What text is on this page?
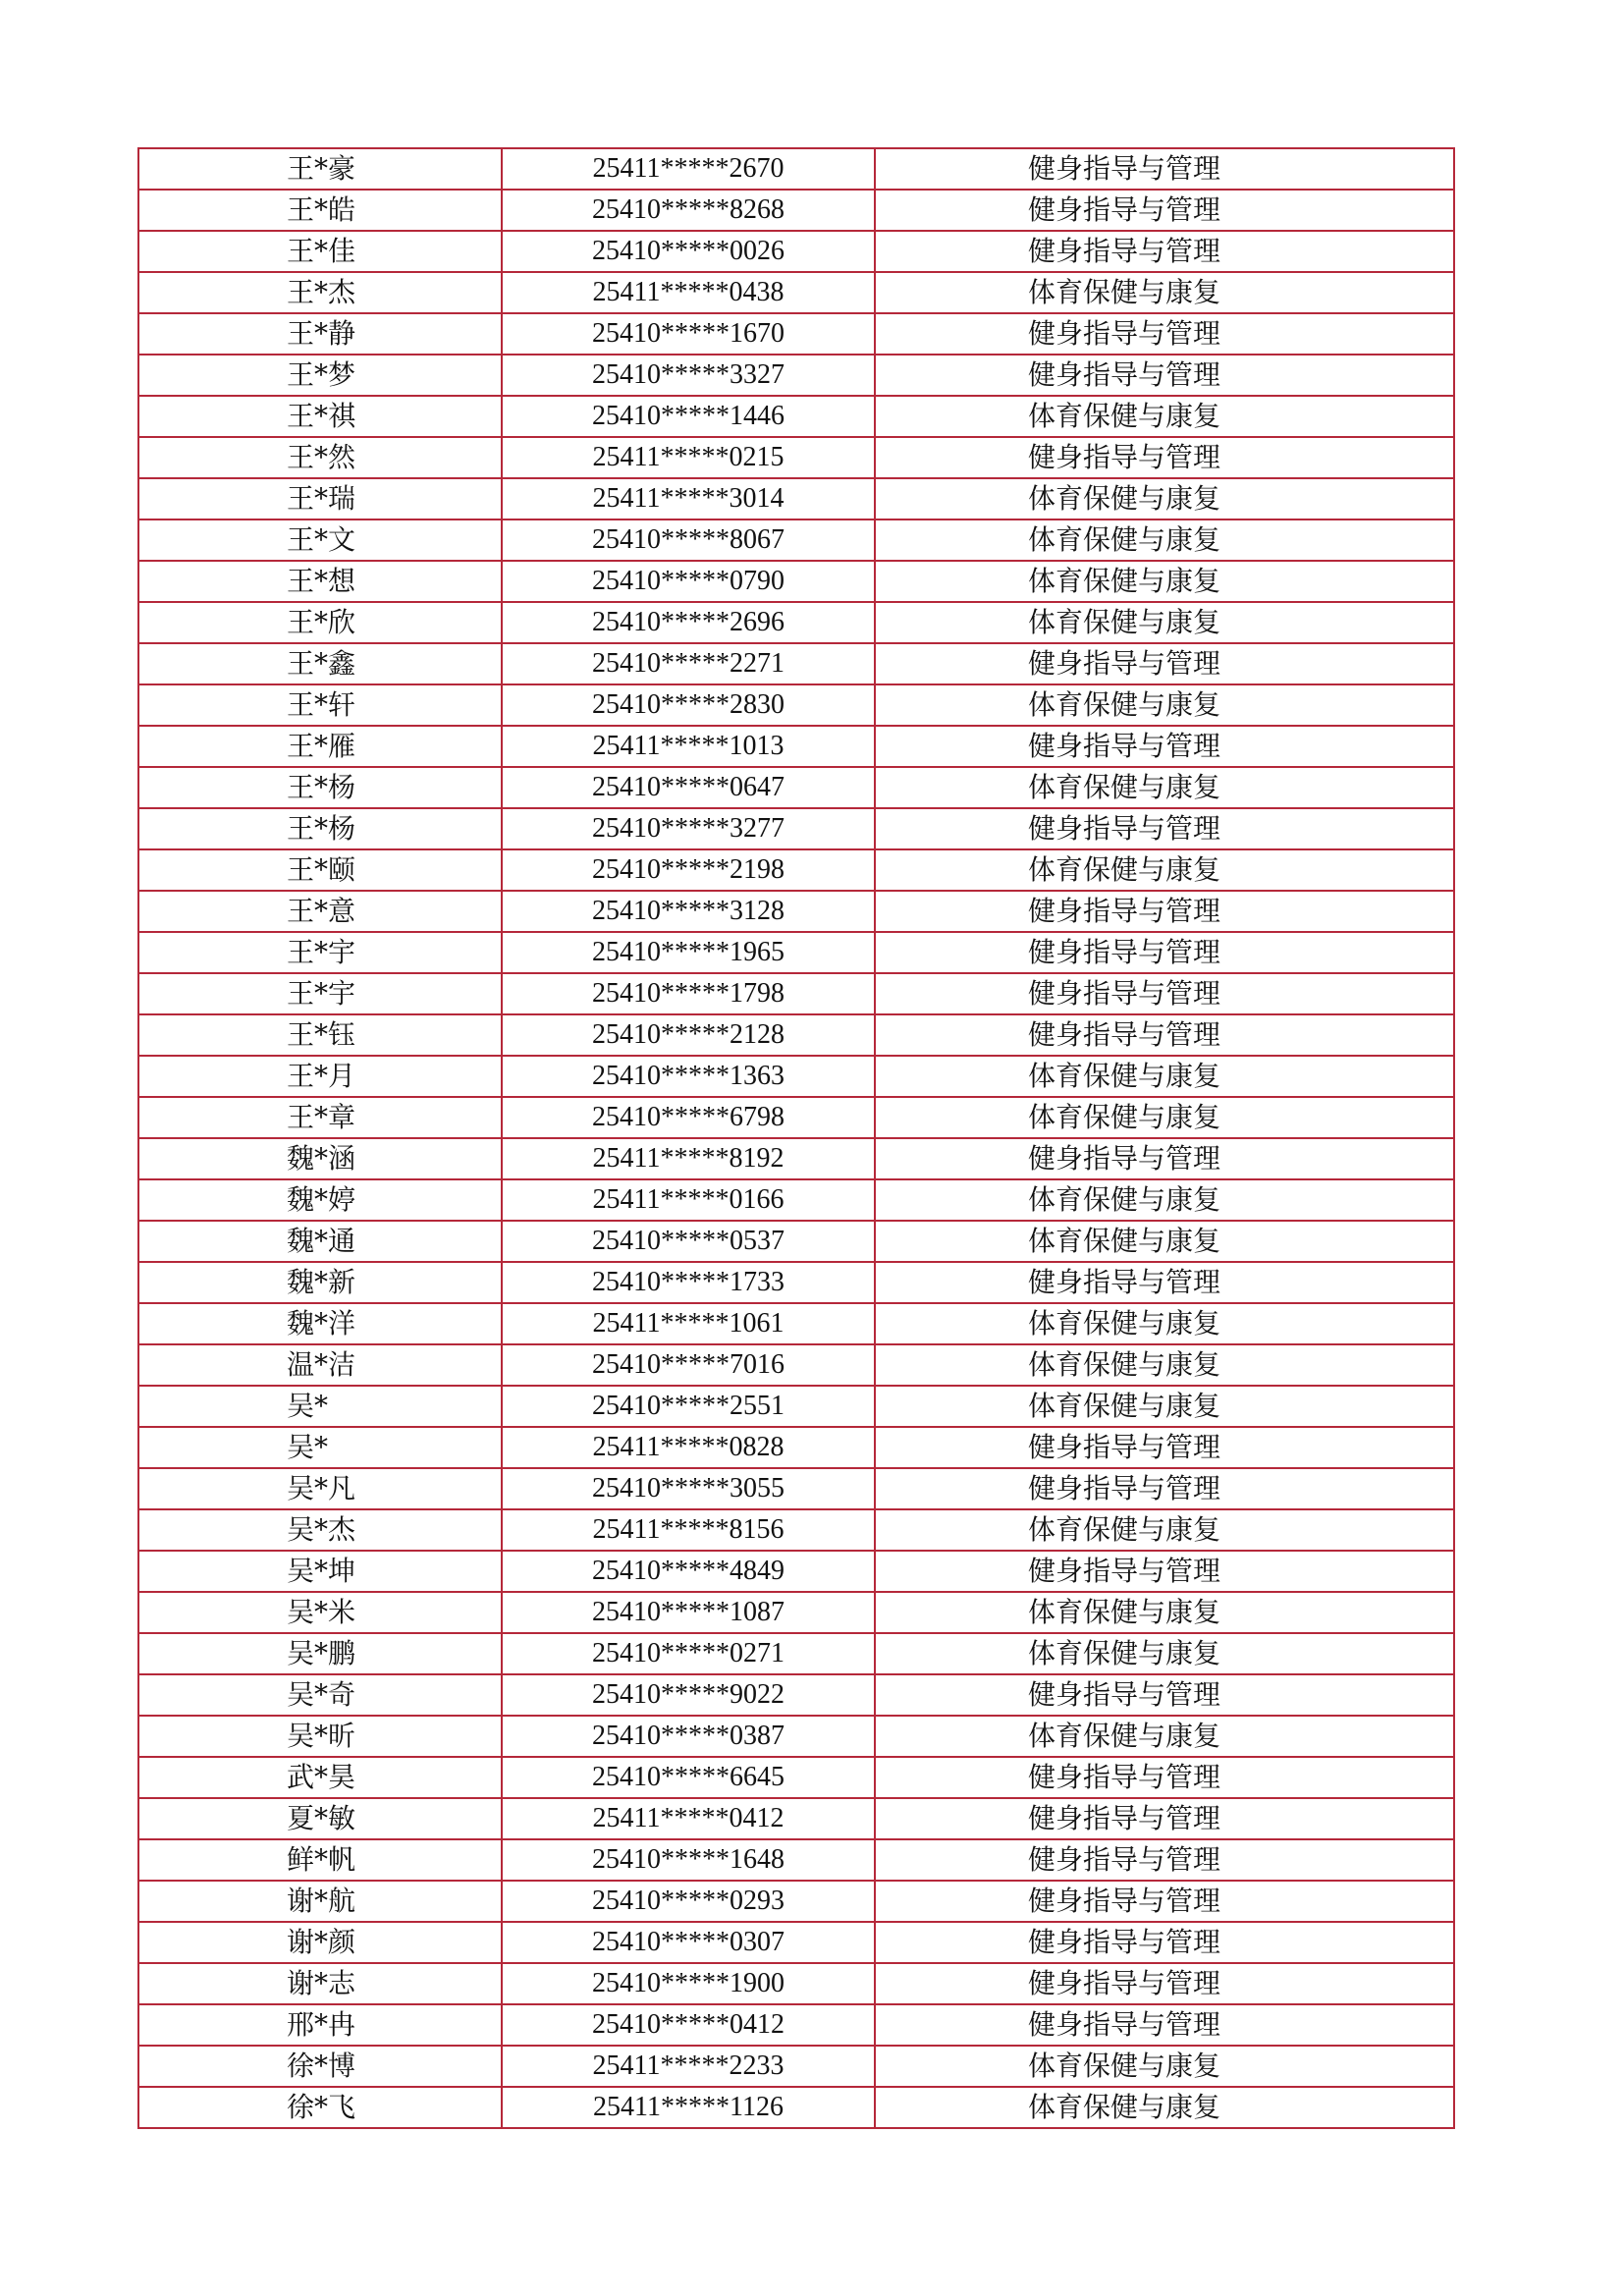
王*豪	25411*****2670	健身指导与管理
王*皓	25410*****8268	健身指导与管理
王*佳	25410*****0026	健身指导与管理
王*杰	25411*****0438	体育保健与康复
王*静	25410*****1670	健身指导与管理
王*梦	25410*****3327	健身指导与管理
王*祺	25410*****1446	体育保健与康复
王*然	25411*****0215	健身指导与管理
王*瑞	25411*****3014	体育保健与康复
王*文	25410*****8067	体育保健与康复
王*想	25410*****0790	体育保健与康复
王*欣	25410*****2696	体育保健与康复
王*鑫	25410*****2271	健身指导与管理
王*轩	25410*****2830	体育保健与康复
王*雁	25411*****1013	健身指导与管理
王*杨	25410*****0647	体育保健与康复
王*杨	25410*****3277	健身指导与管理
王*颐	25410*****2198	体育保健与康复
王*意	25410*****3128	健身指导与管理
王*宇	25410*****1965	健身指导与管理
王*宇	25410*****1798	健身指导与管理
王*钰	25410*****2128	健身指导与管理
王*月	25410*****1363	体育保健与康复
王*章	25410*****6798	体育保健与康复
魏*涵	25411*****8192	健身指导与管理
魏*婷	25411*****0166	体育保健与康复
魏*通	25410*****0537	体育保健与康复
魏*新	25410*****1733	健身指导与管理
魏*洋	25411*****1061	体育保健与康复
温*洁	25410*****7016	体育保健与康复
吴*	25410*****2551	体育保健与康复
吴*	25411*****0828	健身指导与管理
吴*凡	25410*****3055	健身指导与管理
吴*杰	25411*****8156	体育保健与康复
吴*坤	25410*****4849	健身指导与管理
吴*米	25410*****1087	体育保健与康复
吴*鹏	25410*****0271	体育保健与康复
吴*奇	25410*****9022	健身指导与管理
吴*昕	25410*****0387	体育保健与康复
武*昊	25410*****6645	健身指导与管理
夏*敏	25411*****0412	健身指导与管理
鲜*帆	25410*****1648	健身指导与管理
谢*航	25410*****0293	健身指导与管理
谢*颜	25410*****0307	健身指导与管理
谢*志	25410*****1900	健身指导与管理
邢*冉	25410*****0412	健身指导与管理
徐*博	25411*****2233	体育保健与康复
徐*飞	25411*****1126	体育保健与康复
